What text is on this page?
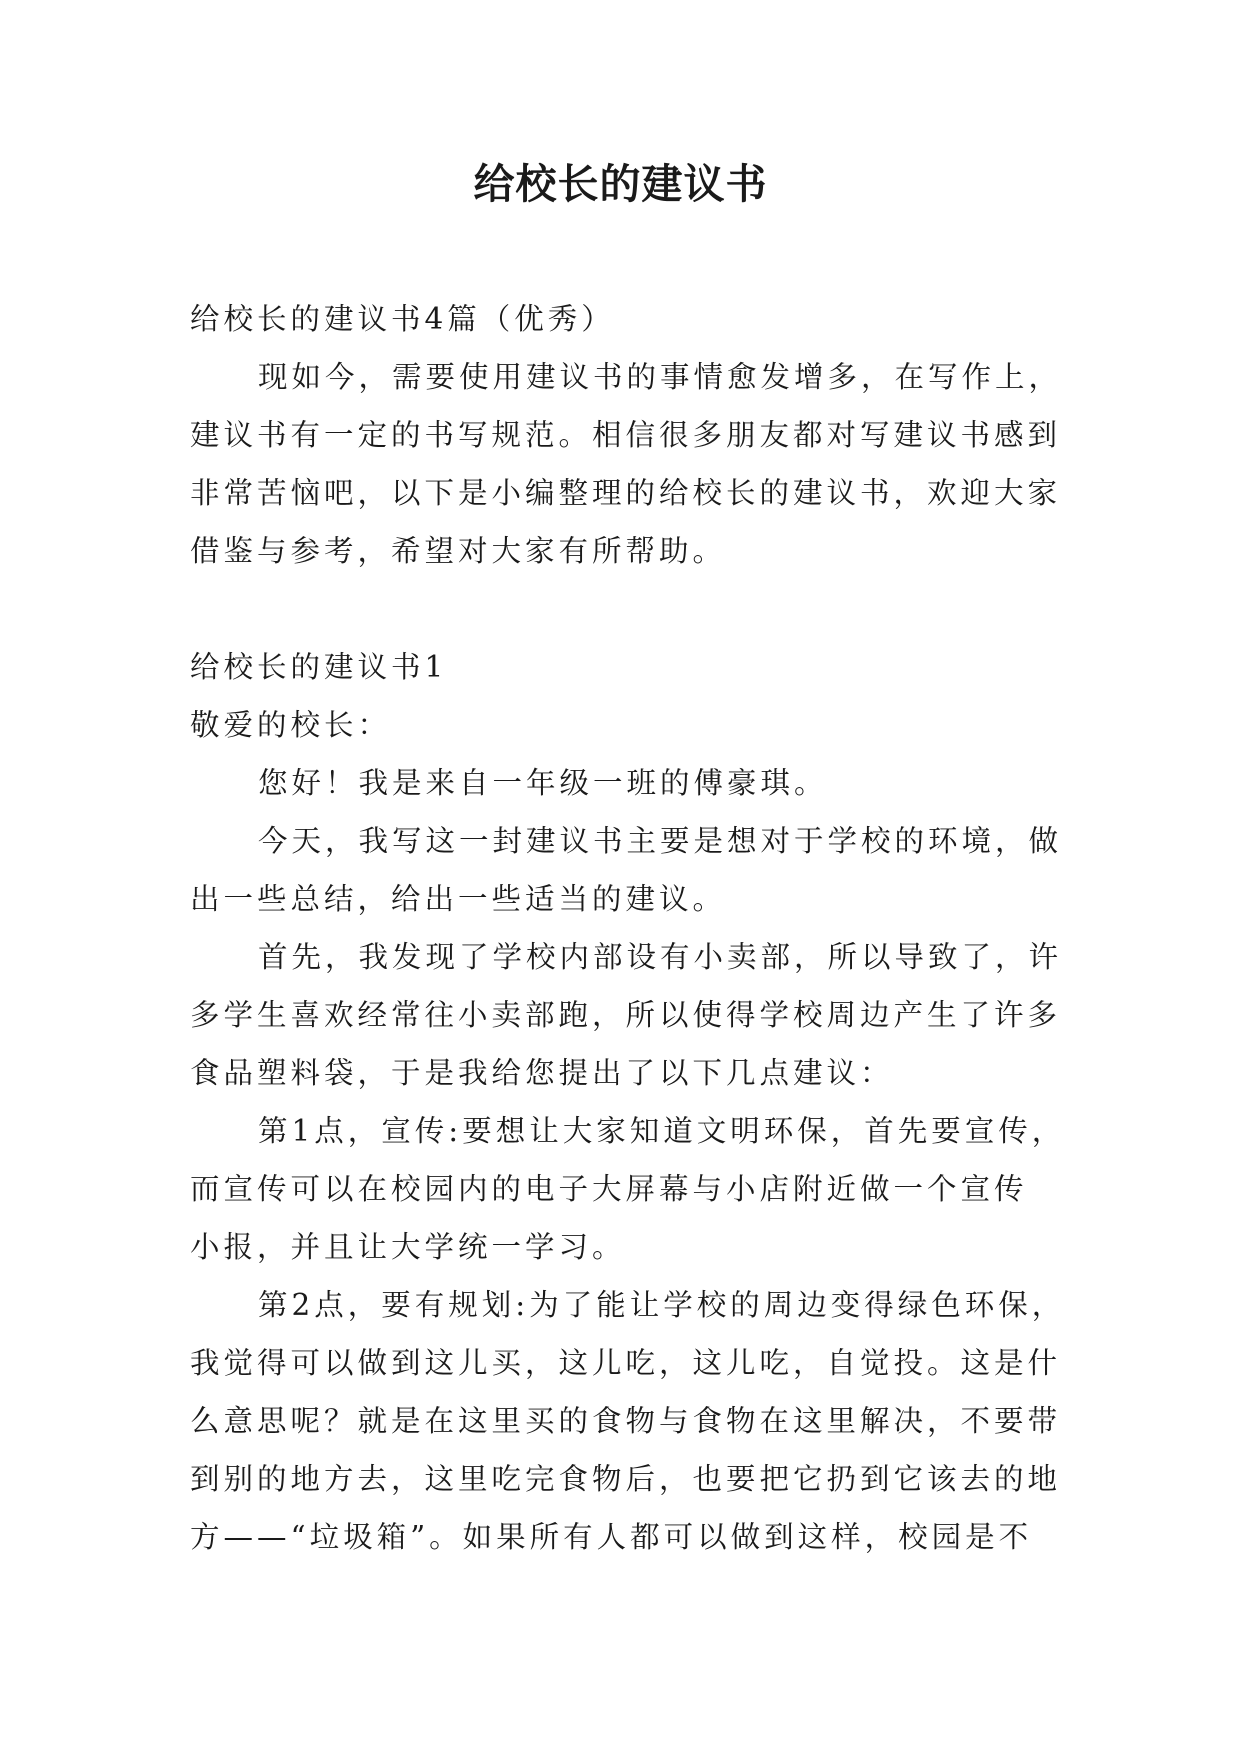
给校长的建议书
给校长的建议书4篇（优秀）
现如今，需要使用建议书的事情愈发增多，在写作上，
建议书有一定的书写规范。相信很多朋友都对写建议书感到
非常苦恼吧，以下是小编整理的给校长的建议书，欢迎大家
借鉴与参考，希望对大家有所帮助。
给校长的建议书1
敬爱的校长：
您好！我是来自一年级一班的傅豪琪。
今天，我写这一封建议书主要是想对于学校的环境，做
出一些总结，给出一些适当的建议。
首先，我发现了学校内部设有小卖部，所以导致了，许
多学生喜欢经常往小卖部跑，所以使得学校周边产生了许多
食品塑料袋，于是我给您提出了以下几点建议：
第1点，宣传:要想让大家知道文明环保，首先要宣传，
而宣传可以在校园内的电子大屏幕与小店附近做一个宣传
小报，并且让大学统一学习。
第2点，要有规划:为了能让学校的周边变得绿色环保，
我觉得可以做到这儿买，这儿吃，这儿吃，自觉投。这是什
么意思呢？就是在这里买的食物与食物在这里解决，不要带
到别的地方去，这里吃完食物后，也要把它扔到它该去的地
方——“垃圾箱”。如果所有人都可以做到这样，校园是不
